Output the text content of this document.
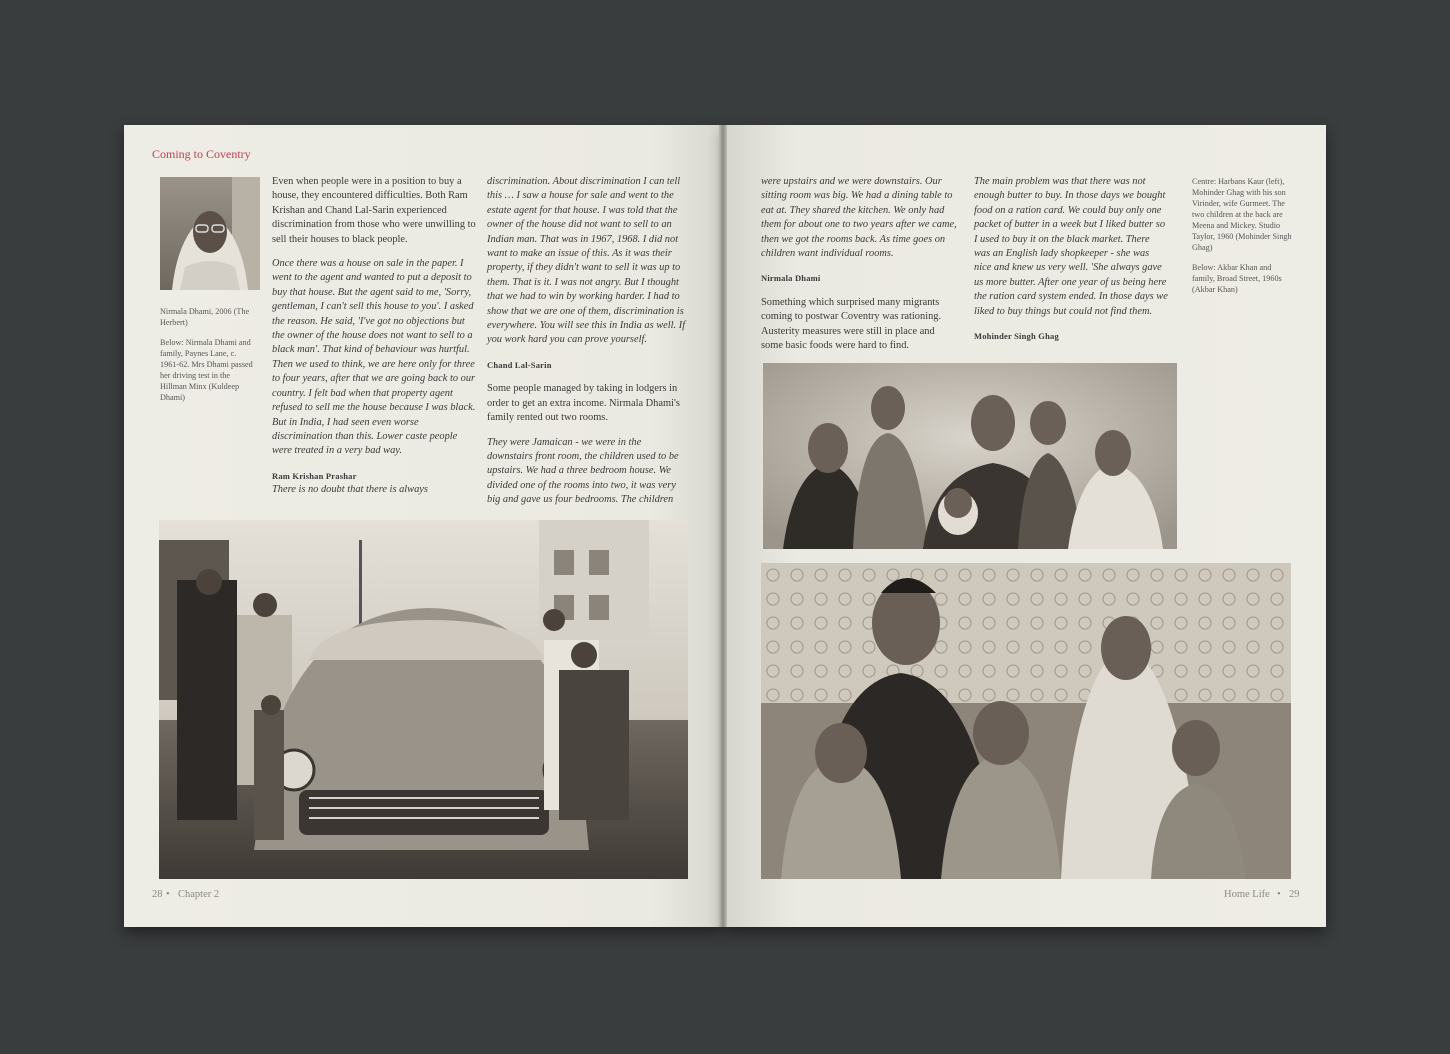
Coming to Coventry

Nirmala Dhami, 2006 (The Herbert)

Below: Nirmala Dhami and family, Paynes Lane, c. 1961-62. Mrs Dhami passed her driving test in the Hillman Minx (Kuldeep Dhami)

Even when people were in a position to buy a house, they encountered difficulties. Both Ram Krishan and Chand Lal-Sarin experienced discrimination from those who were unwilling to sell their houses to black people.

Once there was a house on sale in the paper. I went to the agent and wanted to put a deposit to buy that house. But the agent said to me, 'Sorry, gentleman, I can't sell this house to you'. I asked the reason. He said, 'I've got no objections but the owner of the house does not want to sell to a black man'. That kind of behaviour was hurtful. Then we used to think, we are here only for three to four years, after that we are going back to our country. I felt bad when that property agent refused to sell me the house because I was black. But in India, I had seen even worse discrimination than this. Lower caste people were treated in a very bad way.

Ram Krishan Prashar

There is no doubt that there is always

discrimination. About discrimination I can tell this … I saw a house for sale and went to the estate agent for that house. I was told that the owner of the house did not want to sell to an Indian man. That was in 1967, 1968. I did not want to make an issue of this. As it was their property, if they didn't want to sell it was up to them. That is it. I was not angry. But I thought that we had to win by working harder. I had to show that we are one of them, discrimination is everywhere. You will see this in India as well. If you work hard you can prove yourself.

Chand Lal-Sarin

Some people managed by taking in lodgers in order to get an extra income. Nirmala Dhami's family rented out two rooms.

They were Jamaican - we were in the downstairs front room, the children used to be upstairs. We had a three bedroom house. We divided one of the rooms into two, it was very big and gave us four bedrooms. The children

28 • Chapter 2

were upstairs and we were downstairs. Our sitting room was big. We had a dining table to eat at. They shared the kitchen. We only had them for about one to two years after we came, then we got the rooms back. As time goes on children want individual rooms.

Nirmala Dhami

Something which surprised many migrants coming to postwar Coventry was rationing. Austerity measures were still in place and some basic foods were hard to find.

The main problem was that there was not enough butter to buy. In those days we bought food on a ration card. We could buy only one packet of butter in a week but I liked butter so I used to buy it on the black market. There was an English lady shopkeeper - she was nice and knew us very well. 'She always gave us more butter. After one year of us being here the ration card system ended. In those days we liked to buy things but could not find them.

Mohinder Singh Ghag

Centre: Harbans Kaur (left), Mohinder Ghag with his son Virinder, wife Gurmeet. The two children at the back are Meena and Mickey. Studio Taylor, 1960 (Mohinder Singh Ghag)

Below: Akbar Khan and family, Broad Street, 1960s (Akbar Khan)

Home Life • 29
